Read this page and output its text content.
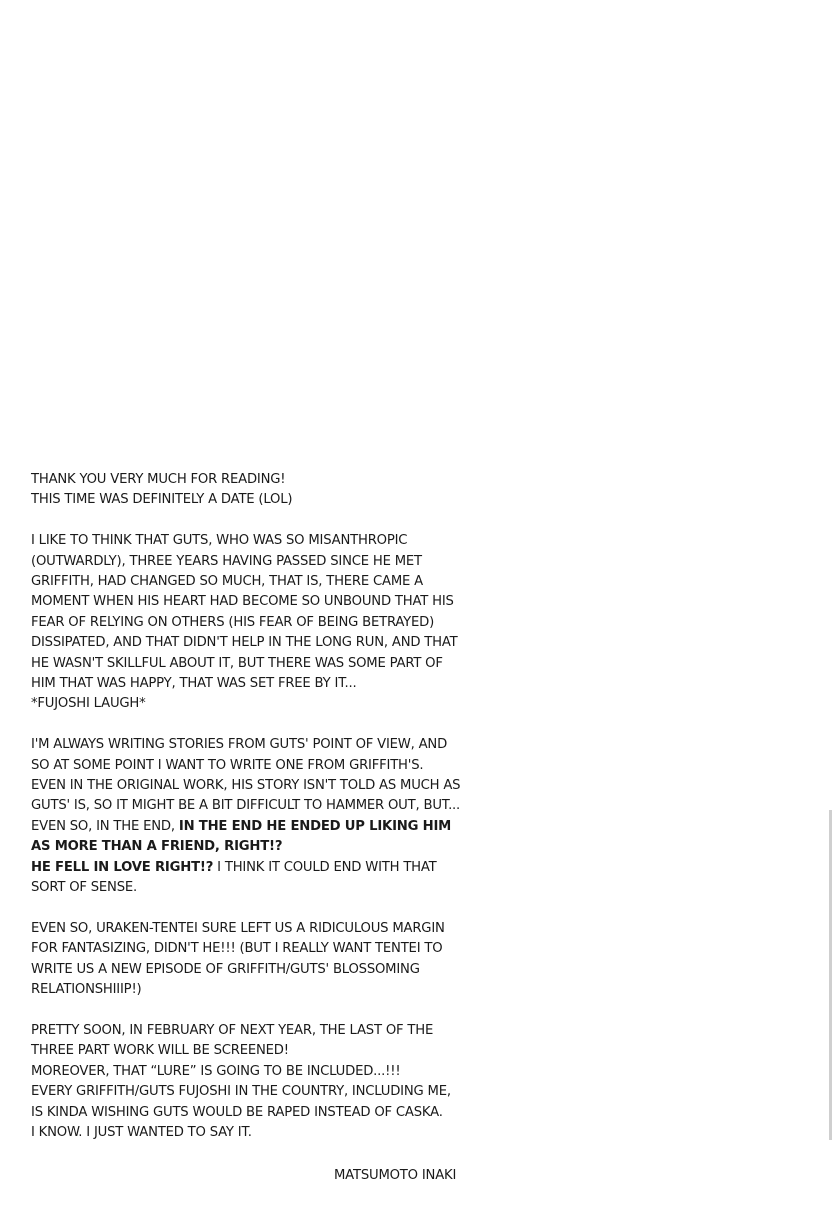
THANK YOU VERY MUCH FOR READING!
THIS TIME WAS DEFINITELY A DATE (LOL)

I LIKE TO THINK THAT GUTS, WHO WAS SO MISANTHROPIC
(OUTWARDLY), THREE YEARS HAVING PASSED SINCE HE MET
GRIFFITH, HAD CHANGED SO MUCH, THAT IS, THERE CAME A
MOMENT WHEN HIS HEART HAD BECOME SO UNBOUND THAT HIS
FEAR OF RELYING ON OTHERS (HIS FEAR OF BEING BETRAYED)
DISSIPATED, AND THAT DIDN'T HELP IN THE LONG RUN, AND THAT
HE WASN'T SKILLFUL ABOUT IT, BUT THERE WAS SOME PART OF
HIM THAT WAS HAPPY, THAT WAS SET FREE BY IT...
*FUJOSHI LAUGH*

I'M ALWAYS WRITING STORIES FROM GUTS' POINT OF VIEW, AND
SO AT SOME POINT I WANT TO WRITE ONE FROM GRIFFITH'S.
EVEN IN THE ORIGINAL WORK, HIS STORY ISN'T TOLD AS MUCH AS
GUTS' IS, SO IT MIGHT BE A BIT DIFFICULT TO HAMMER OUT, BUT...
EVEN SO, IN THE END, IN THE END HE ENDED UP LIKING HIM
AS MORE THAN A FRIEND, RIGHT!?
HE FELL IN LOVE RIGHT!? I THINK IT COULD END WITH THAT
SORT OF SENSE.

EVEN SO, URAKEN-TENTEI SURE LEFT US A RIDICULOUS MARGIN
FOR FANTASIZING, DIDN'T HE!!! (BUT I REALLY WANT TENTEI TO
WRITE US A NEW EPISODE OF GRIFFITH/GUTS' BLOSSOMING
RELATIONSHIIIP!)

PRETTY SOON, IN FEBRUARY OF NEXT YEAR, THE LAST OF THE
THREE PART WORK WILL BE SCREENED!
MOREOVER, THAT “LURE” IS GOING TO BE INCLUDED...!!!
EVERY GRIFFITH/GUTS FUJOSHI IN THE COUNTRY, INCLUDING ME,
IS KINDA WISHING GUTS WOULD BE RAPED INSTEAD OF CASKA.
I KNOW. I JUST WANTED TO SAY IT.

MATSUMOTO INAKI
